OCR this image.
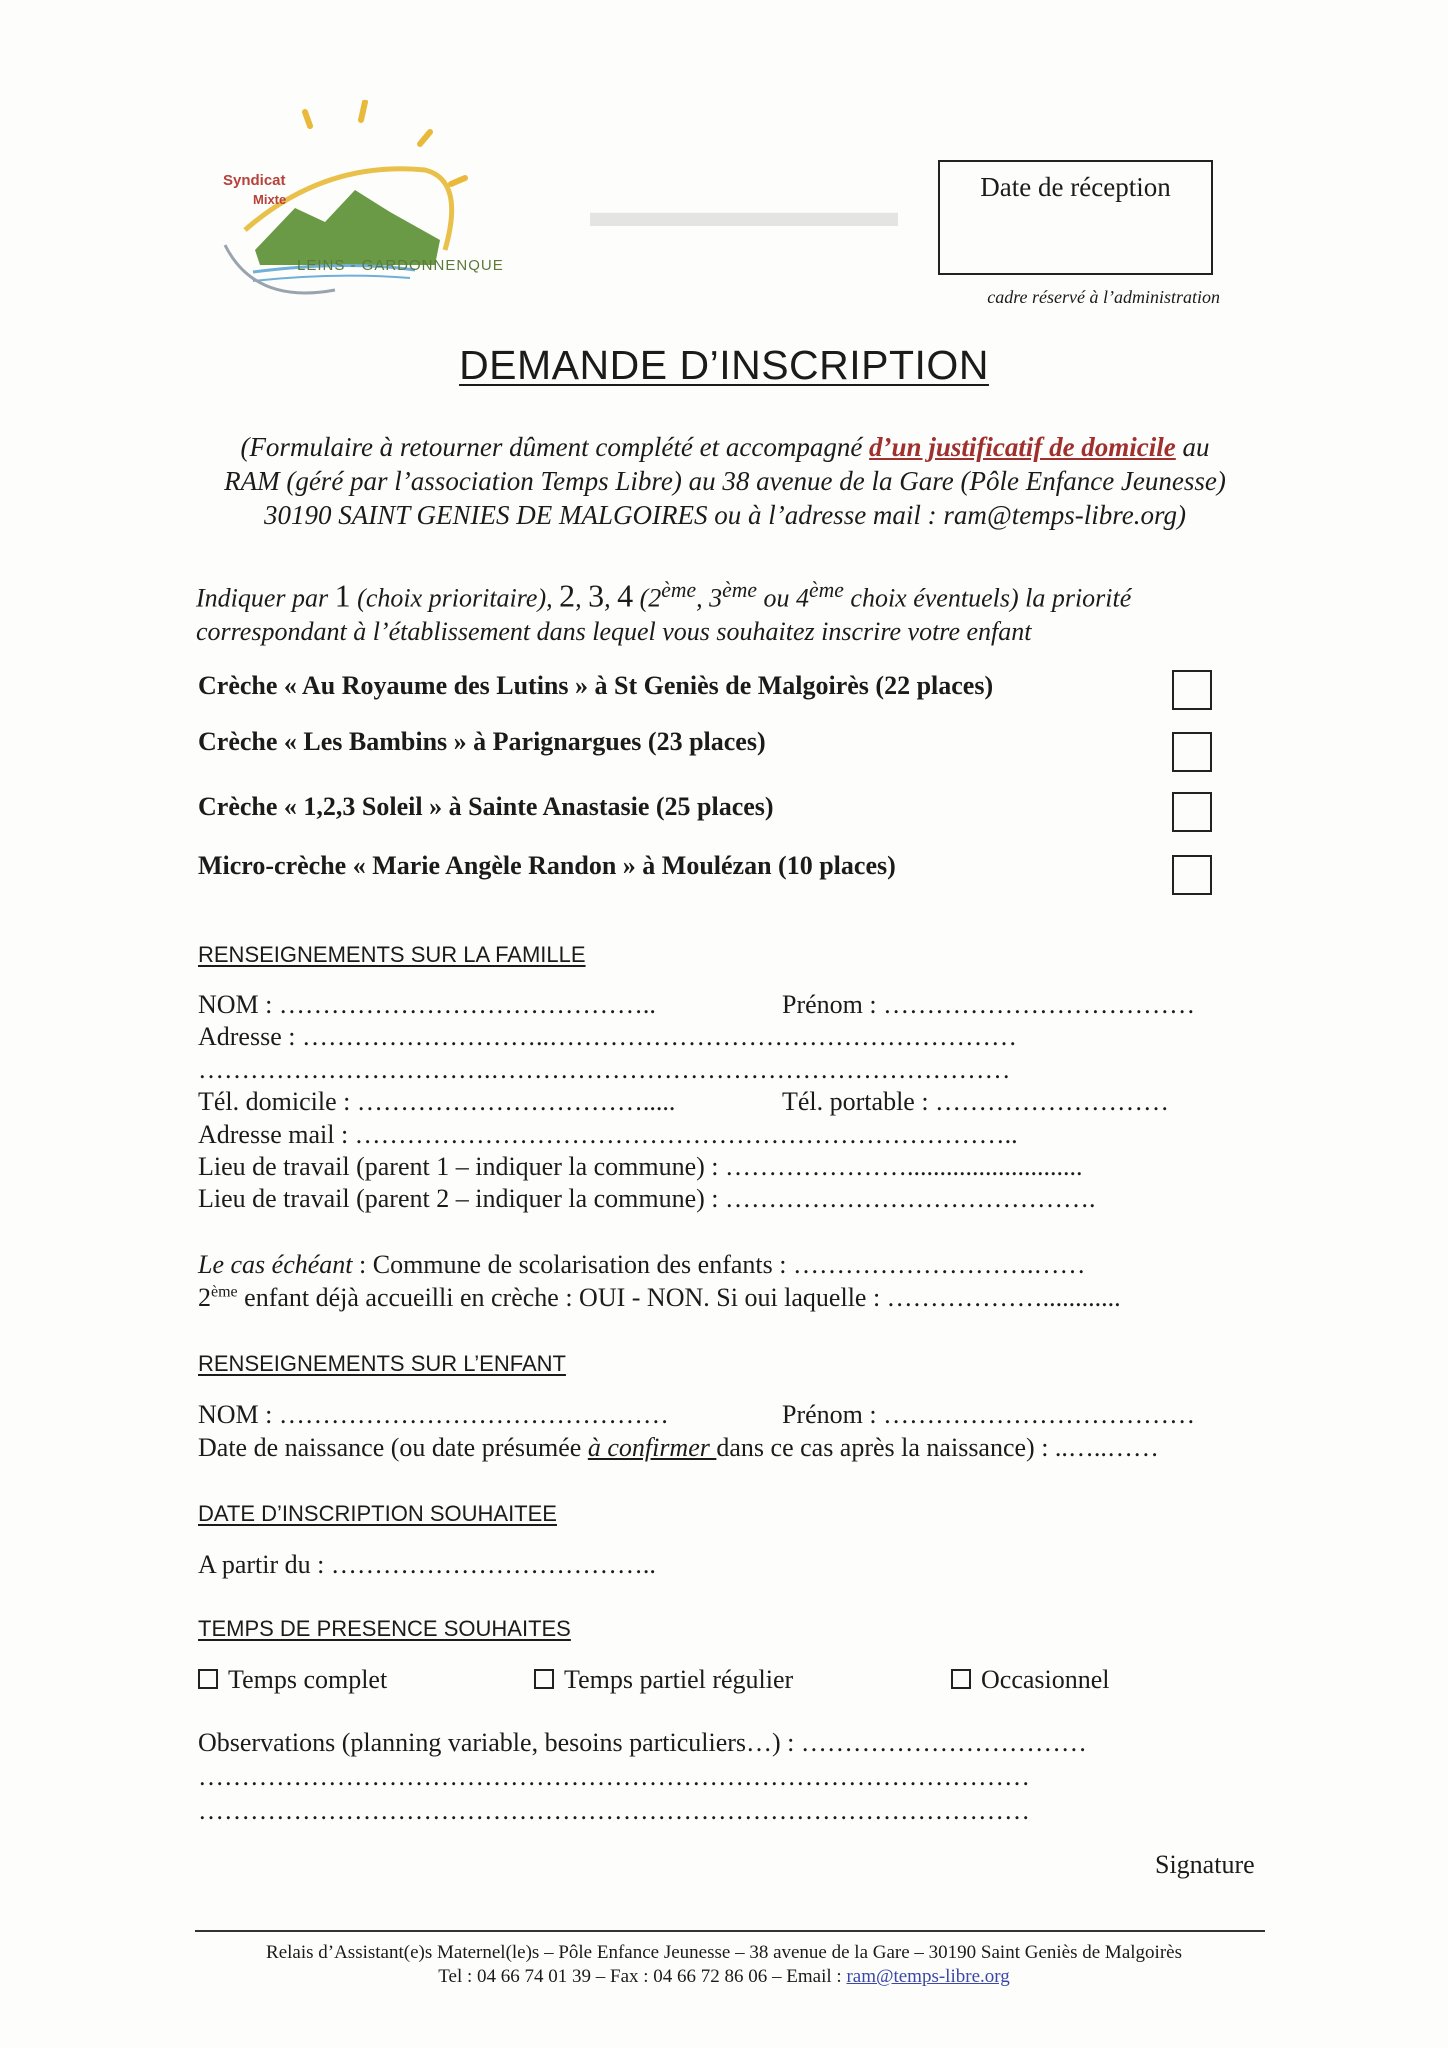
▬▬▬▬▬▬▬
Syndicat
Mixte
LEINS - GARDONNENQUE
Date de réception
cadre réservé à l’administration
DEMANDE D’INSCRIPTION
(Formulaire à retourner dûment complété et accompagné d’un justificatif de domicile au
RAM (géré par l’association Temps Libre) au 38 avenue de la Gare (Pôle Enfance Jeunesse)
30190 SAINT GENIES DE MALGOIRES ou à l’adresse mail : ram@temps-libre.org)
Indiquer par 1 (choix prioritaire), 2, 3, 4 (2ème, 3ème ou 4ème choix éventuels) la priorité
correspondant à l’établissement dans lequel vous souhaitez inscrire votre enfant
Crèche « Au Royaume des Lutins » à St Geniès de Malgoirès (22 places)
Crèche « Les Bambins » à Parignargues (23 places)
Crèche « 1,2,3 Soleil » à Sainte Anastasie (25 places)
Micro-crèche « Marie Angèle Randon » à Moulézan (10 places)
RENSEIGNEMENTS SUR LA FAMILLE
NOM : ……………………………………..	Prénom : ………………………………
Adresse : ………………………..………………………………………………
…………………………….……………………………………………………
Tél. domicile : …………………………….....	Tél. portable : ………………………
Adresse mail : …………………………………………………………………..
Lieu de travail (parent 1 – indiquer la commune) : …………………...........................
Lieu de travail (parent 2 – indiquer la commune) : …………………………………….
Le cas échéant : Commune de scolarisation des enfants : ……………………….……
2ème enfant déjà accueilli en crèche : OUI - NON. Si oui laquelle : ………………............
RENSEIGNEMENTS SUR L’ENFANT
NOM : ………………………………………	Prénom : ………………………………
Date de naissance (ou date présumée à confirmer dans ce cas après la naissance) : ..…..……
DATE D’INSCRIPTION SOUHAITEE
A partir du : ………………………………..
TEMPS DE PRESENCE SOUHAITES
Temps complet	Temps partiel régulier	Occasionnel
Observations (planning variable, besoins particuliers…) : ……………………………
……………………………………………………………………………………
……………………………………………………………………………………
Signature
Relais d’Assistant(e)s Maternel(le)s – Pôle Enfance Jeunesse – 38 avenue de la Gare – 30190 Saint Geniès de Malgoirès
Tel : 04 66 74 01 39 – Fax : 04 66 72 86 06 – Email : ram@temps-libre.org
